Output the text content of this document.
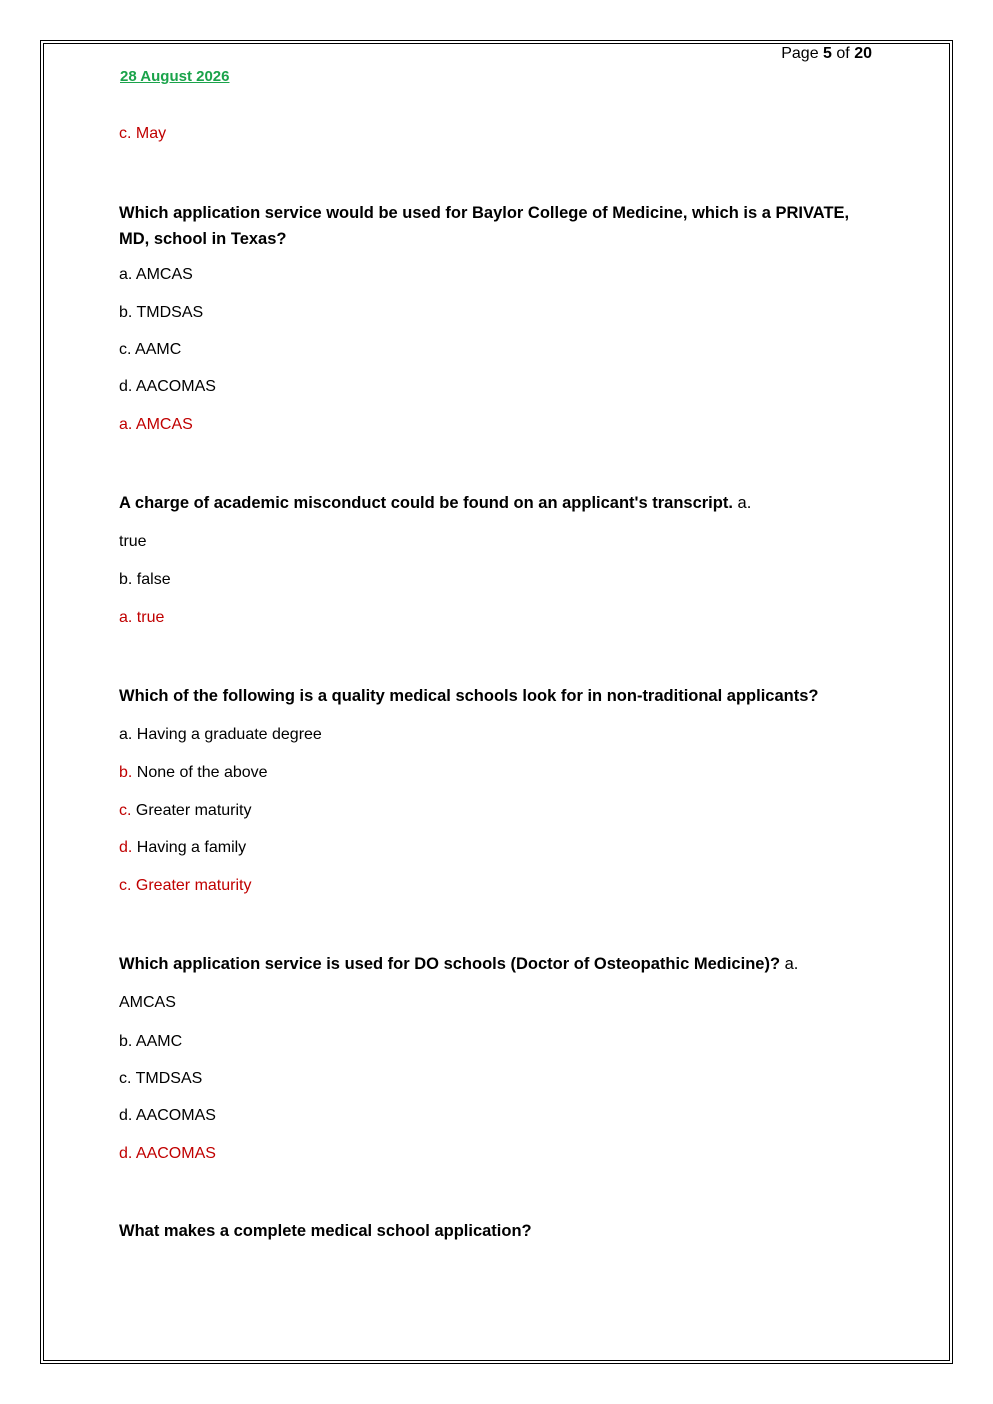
Page 5 of 20
28 August 2026
c. May
Which application service would be used for Baylor College of Medicine, which is a PRIVATE, MD, school in Texas?
a. AMCAS
b. TMDSAS
c. AAMC
d. AACOMAS
a. AMCAS
A charge of academic misconduct could be found on an applicant's transcript. a.
true
b. false
a. true
Which of the following is a quality medical schools look for in non-traditional applicants?
a. Having a graduate degree
b. None of the above
c. Greater maturity
d. Having a family
c. Greater maturity
Which application service is used for DO schools (Doctor of Osteopathic Medicine)? a.
AMCAS
b. AAMC
c. TMDSAS
d. AACOMAS
d. AACOMAS
What makes a complete medical school application?
